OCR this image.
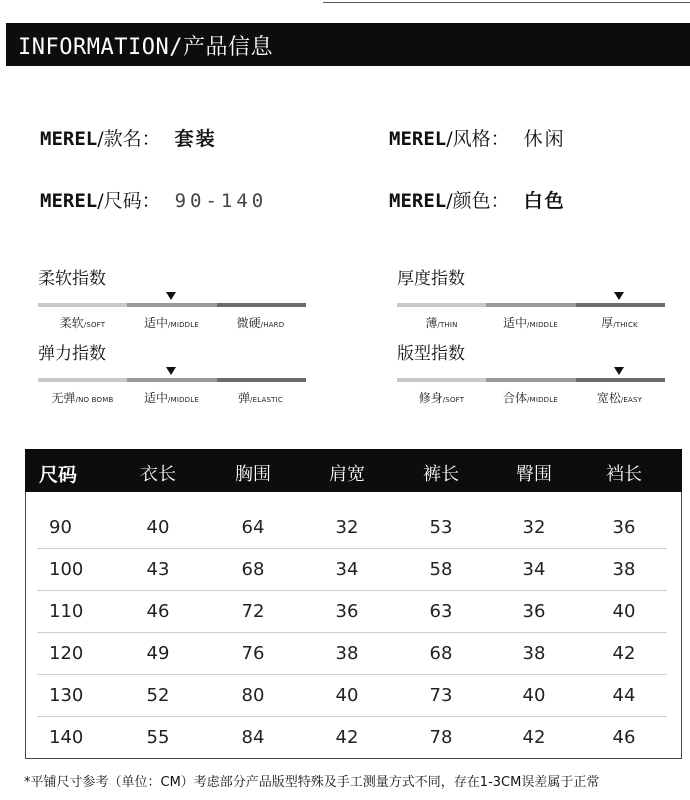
INFORMATION/产品信息
MEREL/款名： 套装	MEREL/风格： 休闲
MEREL/尺码： 90-140	MEREL/颜色： 白色
柔软指数
柔软/SOFT	适中/MIDDLE	微硬/HARD
厚度指数
薄/THIN	适中/MIDDLE	厚/THICK
弹力指数
无弹/NO BOMB	适中/MIDDLE	弹/ELASTIC
版型指数
修身/SOFT	合体/MIDDLE	宽松/EASY
尺码	衣长	胸围	肩宽	裤长	臀围	裆长
90	40	64	32	53	32	36
100	43	68	34	58	34	38
110	46	72	36	63	36	40
120	49	76	38	68	38	42
130	52	80	40	73	40	44
140	55	84	42	78	42	46
*平铺尺寸参考（单位：CM）考虑部分产品版型特殊及手工测量方式不同，存在1-3CM误差属于正常
